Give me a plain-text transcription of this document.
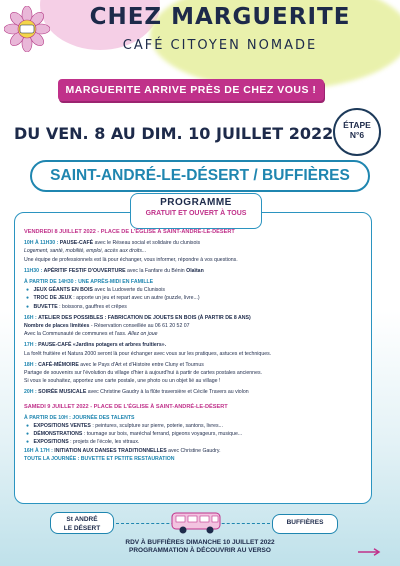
CHEZ MARGUERITE
CAFÉ CITOYEN NOMADE
MARGUERITE ARRIVE PRÈS DE CHEZ VOUS !
DU VEN. 8 AU DIM. 10 JUILLET 2022	ÉTAPE
N°6
SAINT-ANDRÉ-LE-DÉSERT / BUFFIÈRES
PROGRAMME
GRATUIT ET OUVERT À TOUS
VENDREDI 8 JUILLET 2022 - PLACE DE L'ÉGLISE À SAINT-ANDRÉ-LE-DÉSERT
10H À 11H30 : PAUSE-CAFÉ avec le Réseau social et solidaire du clunisois
Logement, santé, mobilité, emploi, accès aux droits...
Une équipe de professionnels est là pour échanger, vous informer, répondre à vos questions.
11H30 : APÉRITIF FESTIF D'OUVERTURE avec la Fanfare du Bénin Olaïtan
À PARTIR DE 14H30 : UNE APRÈS-MIDI EN FAMILLE
● JEUX GÉANTS EN BOIS avec la Ludoverte du Clunisois
● TROC DE JEUX : apporte un jeu et repart avec un autre (puzzle, livre...)
● BUVETTE : boissons, gauffres et crêpes
16H : ATELIER DES POSSIBLES : FABRICATION DE JOUETS EN BOIS (À PARTIR DE 8 ANS)
Nombre de places limitées - Réservation conseillée au 06 61 20 52 07
Avec la Communauté de communes et l'ass. Allez on joue
17H : PAUSE-CAFÉ «Jardins potagers et arbres fruitiers».
La forêt fruitière et Natura 2000 seront là pour échanger avec vous sur les pratiques, astuces et techniques.
18H : CAFÉ-MÉMOIRE avec le Pays d'Art et d'Histoire entre Cluny et Tournus
Partage de souvenirs sur l'évolution du village d'hier à aujourd'hui à partir de cartes postales anciennes.
Si vous le souhaitez, apportez une carte postale, une photo ou un objet lié au village !
20H : SOIRÉE MUSICALE avec Christine Gaudry à la flûte traversière et Cécile Travers au violon
SAMEDI 9 JUILLET 2022 - PLACE DE L'ÉGLISE À SAINT-ANDRÉ-LE-DÉSERT
À PARTIR DE 10H : JOURNÉE DES TALENTS
● EXPOSITIONS VENTES : peintures, sculpture sur pierre, poterie, santons, livres...
● DÉMONSTRATIONS : tournage sur bois, maréchal ferrand, pigeons voyageurs, musique...
● EXPOSITIONS : projets de l'école, les vitraux.
16H À 17H : INITIATION AUX DANSES TRADITIONNELLES avec Christine Gaudry.
TOUTE LA JOURNÉE : BUVETTE ET PETITE RESTAURATION
St ANDRÉ
LE DÉSERT
BUFFIÈRES
RDV À BUFFIÈRES DIMANCHE 10 JUILLET 2022
PROGRAMMATION À DÉCOUVRIR AU VERSO
